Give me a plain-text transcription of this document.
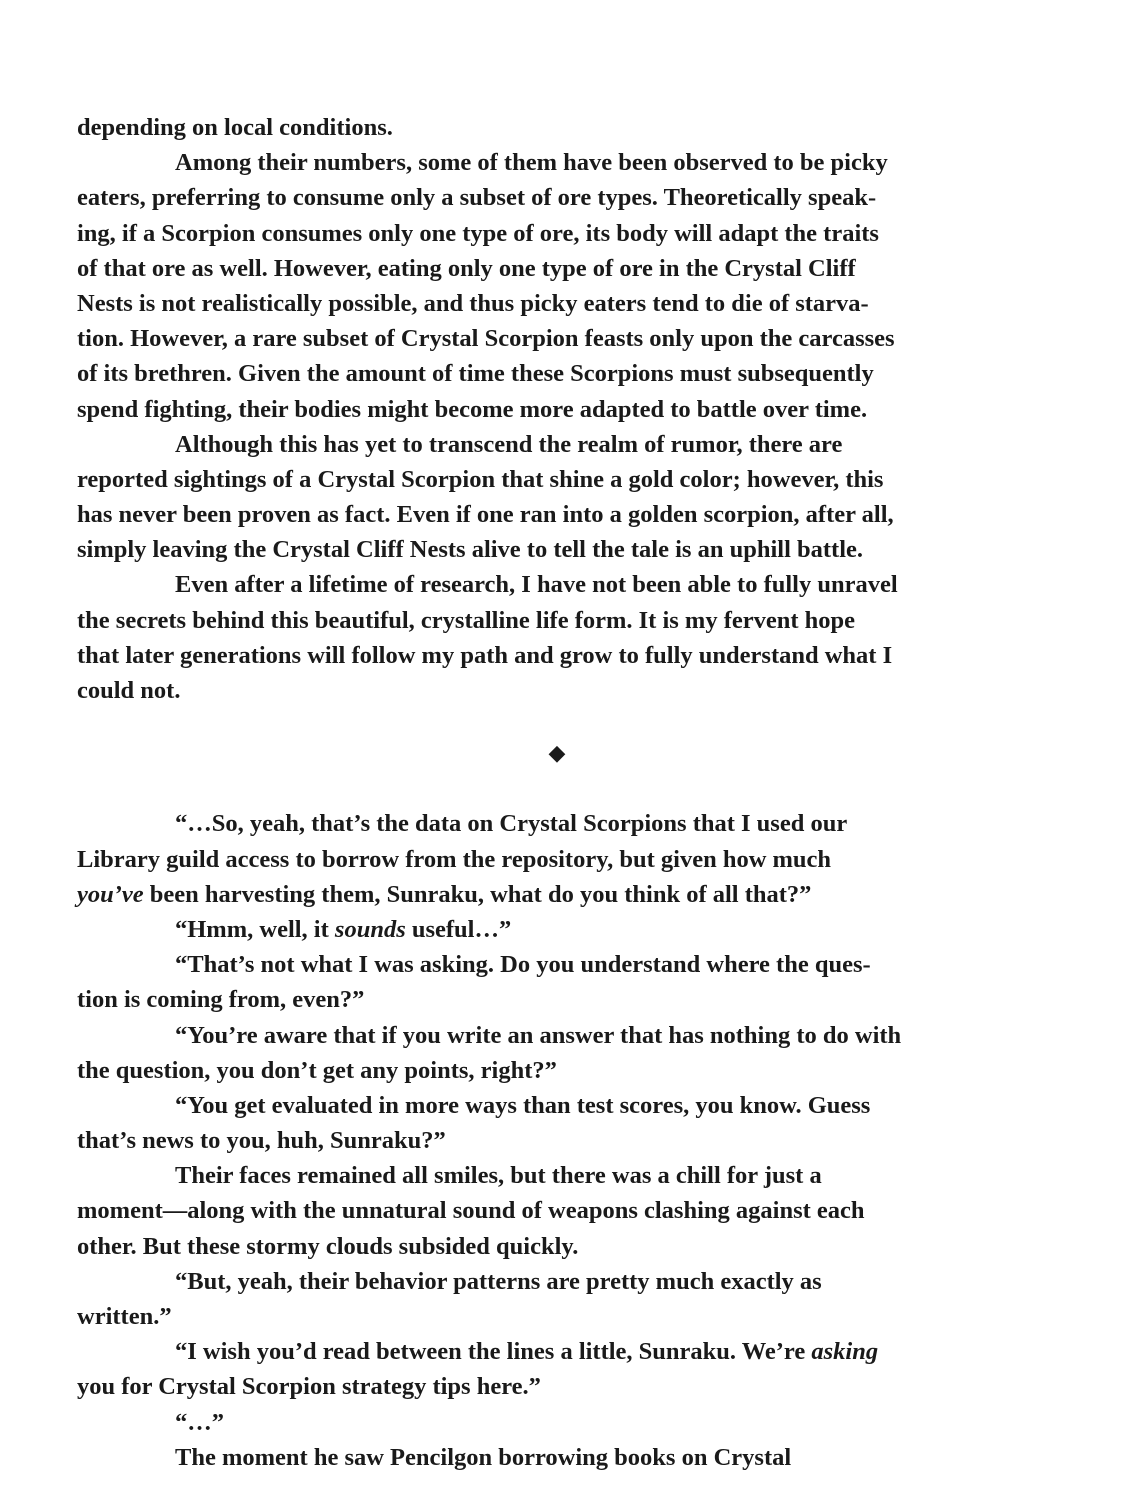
depending on local conditions.
Among their numbers, some of them have been observed to be picky
eaters, preferring to consume only a subset of ore types. Theoretically speak-
ing, if a Scorpion consumes only one type of ore, its body will adapt the traits
of that ore as well. However, eating only one type of ore in the Crystal Cliff
Nests is not realistically possible, and thus picky eaters tend to die of starva-
tion. However, a rare subset of Crystal Scorpion feasts only upon the carcasses
of its brethren. Given the amount of time these Scorpions must subsequently
spend fighting, their bodies might become more adapted to battle over time.
Although this has yet to transcend the realm of rumor, there are
reported sightings of a Crystal Scorpion that shine a gold color; however, this
has never been proven as fact. Even if one ran into a golden scorpion, after all,
simply leaving the Crystal Cliff Nests alive to tell the tale is an uphill battle.
Even after a lifetime of research, I have not been able to fully unravel
the secrets behind this beautiful, crystalline life form. It is my fervent hope
that later generations will follow my path and grow to fully understand what I
could not.
◆
“…So, yeah, that’s the data on Crystal Scorpions that I used our
Library guild access to borrow from the repository, but given how much
you’ve been harvesting them, Sunraku, what do you think of all that?”
“Hmm, well, it sounds useful…”
“That’s not what I was asking. Do you understand where the ques-
tion is coming from, even?”
“You’re aware that if you write an answer that has nothing to do with
the question, you don’t get any points, right?”
“You get evaluated in more ways than test scores, you know. Guess
that’s news to you, huh, Sunraku?”
Their faces remained all smiles, but there was a chill for just a
moment—along with the unnatural sound of weapons clashing against each
other. But these stormy clouds subsided quickly.
“But, yeah, their behavior patterns are pretty much exactly as
written.”
“I wish you’d read between the lines a little, Sunraku. We’re asking
you for Crystal Scorpion strategy tips here.”
“…”
The moment he saw Pencilgon borrowing books on Crystal
